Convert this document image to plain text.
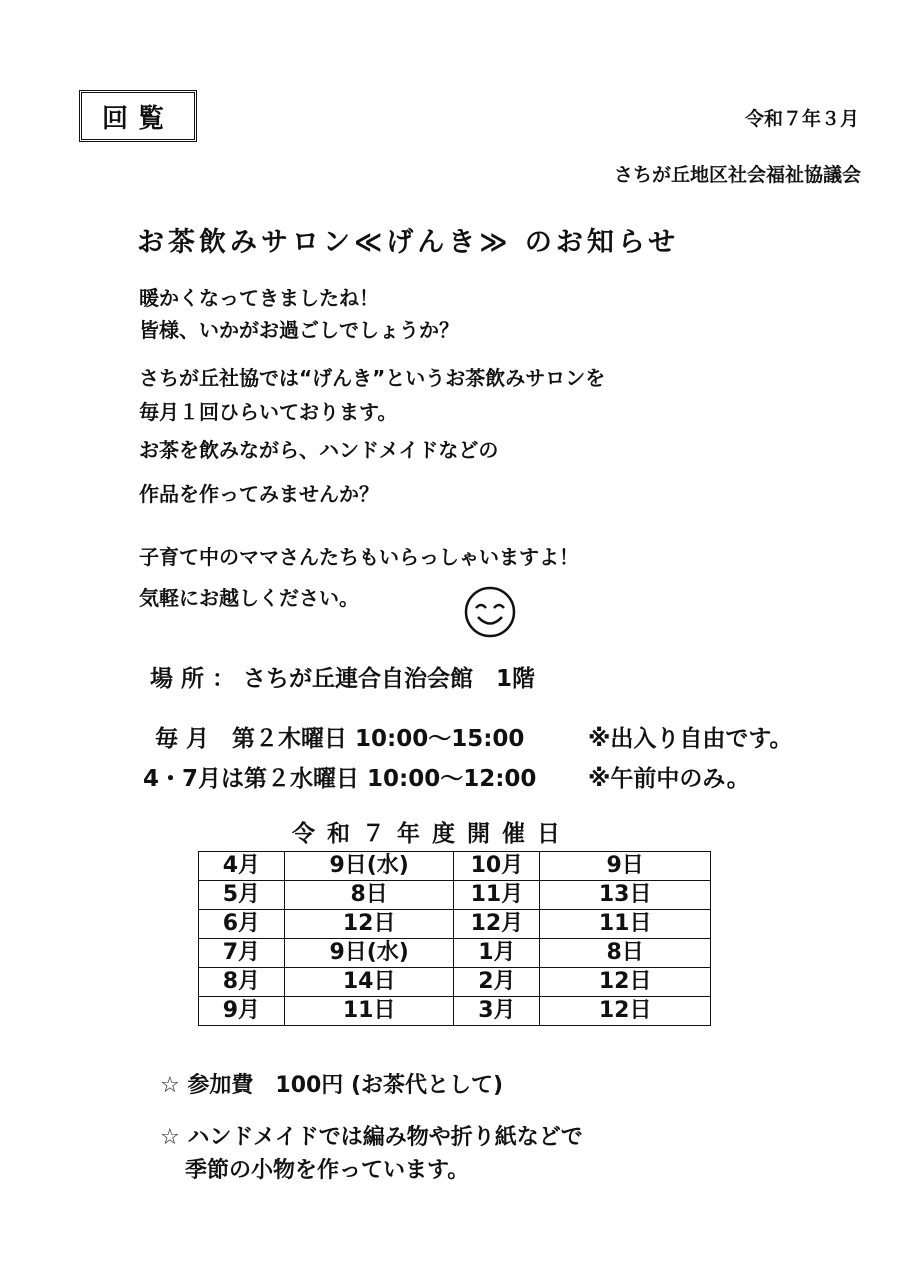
回覧	令和７年３月
さちが丘地区社会福祉協議会
お茶飲みサロン≪げんき≫ のお知らせ
暖かくなってきましたね！
皆様、いかがお過ごしでしょうか？
さちが丘社協では“げんき”というお茶飲みサロンを
毎月１回ひらいております。
お茶を飲みながら、ハンドメイドなどの
作品を作ってみませんか？
子育て中のママさんたちもいらっしゃいますよ！
気軽にお越しください。
場 所 ： さちが丘連合自治会館　1階
毎 月　第２木曜日 10:00～15:00	※出入り自由です。
4・7月は第２水曜日 10:00～12:00 ※午前中のみ。
令和７年度開催日
4月	9日(水)	10月	9日
5月	8日	11月	13日
6月	12日	12月	11日
7月	9日(水)	1月	8日
8月	14日	2月	12日
9月	11日	3月	12日
☆ 参加費　100円 (お茶代として)
☆ ハンドメイドでは編み物や折り紙などで
季節の小物を作っています。
